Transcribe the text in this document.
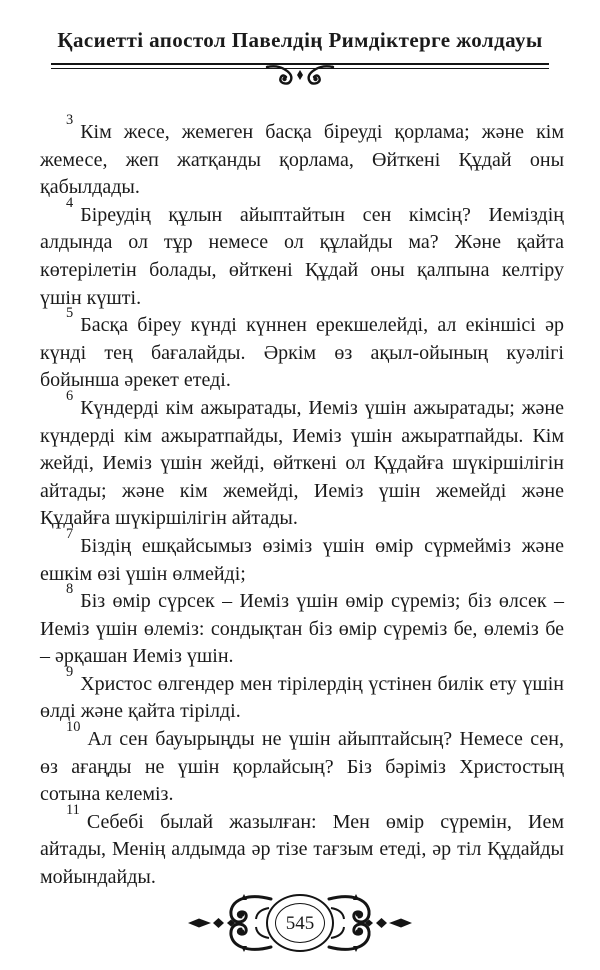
Қасиетті апостол Павелдің Римдіктерге жолдауы

$^3$Кім жесе, жемеген басқа біреуді қорлама; және кім жемесе, жеп жатқанды қорлама, Өйткені Құдай оны қабылдады.

$^4$Біреудің құлын айыптайтын сен кімсің? Иеміздің алдында ол тұр немесе ол құлайды ма? Және қайта көтерілетін болады, өйткені Құдай оны қалпына келтіру үшін күшті.

$^5$Басқа біреу күнді күннен ерекшелейді, ал екіншісі әр күнді тең бағалайды. Әркім өз ақыл-ойының куәлігі бойынша әрекет етеді.

$^6$Күндерді кім ажыратады, Иеміз үшін ажыратады; және күндерді кім ажыратпайды, Иеміз үшін ажыратпайды. Кім жейді, Иеміз үшін жейді, өйткені ол Құдайға шүкіршілігін айтады; және кім жемейді, Иеміз үшін жемейді және Құдайға шүкіршілігін айтады.

$^7$Біздің ешқайсымыз өзіміз үшін өмір сүрмейміз және ешкім өзі үшін өлмейді;

$^8$Біз өмір сүрсек – Иеміз үшін өмір сүреміз; біз өлсек – Иеміз үшін өлеміз: сондықтан біз өмір сүреміз бе, өлеміз бе – әрқашан Иеміз үшін.

$^9$Христос өлгендер мен тірілердің үстінен билік ету үшін өлді және қайта тірілді.

$^{10}$Ал сен бауырыңды не үшін айыптайсың? Немесе сен, өз ағаңды не үшін қорлайсың? Біз бәріміз Христостың сотына келеміз.

$^{11}$Себебі былай жазылған: Мен өмір сүремін, Ием айтады, Менің алдымда әр тізе тағзым етеді, әр тіл Құдайды мойындайды.

545
